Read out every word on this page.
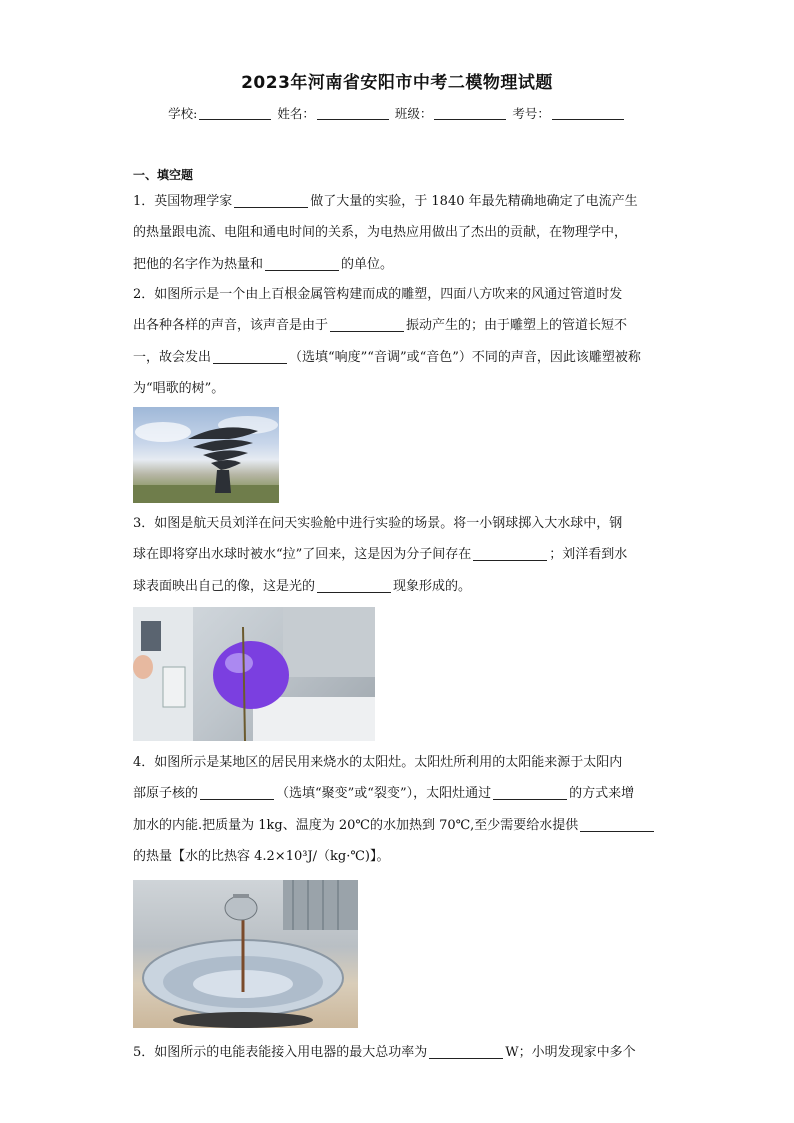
2023年河南省安阳市中考二模物理试题
学校:	姓名：	班级：	考号：
一、填空题
1．英国物理学家	做了大量的实验，于 1840 年最先精确地确定了电流产生
的热量跟电流、电阻和通电时间的关系，为电热应用做出了杰出的贡献，在物理学中，
把他的名字作为热量和	的单位。
2．如图所示是一个由上百根金属管构建而成的雕塑，四面八方吹来的风通过管道时发
出各种各样的声音，该声音是由于	振动产生的；由于雕塑上的管道长短不
一，故会发出	（选填“响度”“音调”或“音色”）不同的声音，因此该雕塑被称
为“唱歌的树”。
3．如图是航天员刘洋在问天实验舱中进行实验的场景。将一小钢球掷入大水球中，钢
球在即将穿出水球时被水“拉”了回来，这是因为分子间存在	；刘洋看到水
球表面映出自己的像，这是光的	现象形成的。
4．如图所示是某地区的居民用来烧水的太阳灶。太阳灶所利用的太阳能来源于太阳内
部原子核的	（选填“聚变”或“裂变”），太阳灶通过	的方式来增
加水的内能.把质量为 1kg、温度为 20℃的水加热到 70℃,至少需要给水提供
的热量【水的比热容 4.2×10³J/（kg·℃)】。
5．如图所示的电能表能接入用电器的最大总功率为	W；小明发现家中多个
